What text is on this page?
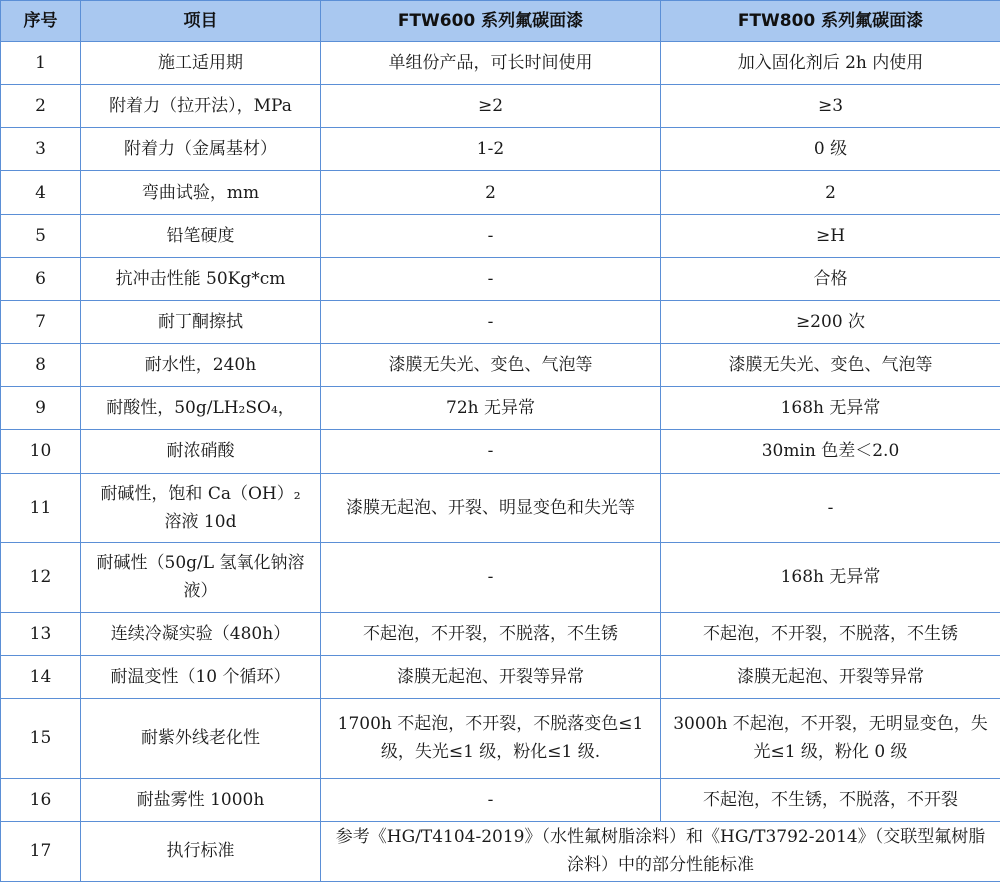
序号	项目	FTW600 系列氟碳面漆	FTW800 系列氟碳面漆
1	施工适用期	单组份产品，可长时间使用	加入固化剂后 2h 内使用
2	附着力（拉开法），MPa	≥2	≥3
3	附着力（金属基材）	1-2	0 级
4	弯曲试验，mm	2	2
5	铅笔硬度	-	≥H
6	抗冲击性能 50Kg*cm	-	合格
7	耐丁酮擦拭	-	≥200 次
8	耐水性，240h	漆膜无失光、变色、气泡等	漆膜无失光、变色、气泡等
9	耐酸性，50g/LH₂SO₄，	72h 无异常	168h 无异常
10	耐浓硝酸	-	30min 色差＜2.0
11	耐碱性，饱和 Ca（OH）₂溶液 10d	漆膜无起泡、开裂、明显变色和失光等	-
12	耐碱性（50g/L 氢氧化钠溶液）	-	168h 无异常
13	连续冷凝实验（480h）	不起泡，不开裂，不脱落，不生锈	不起泡，不开裂，不脱落，不生锈
14	耐温变性（10 个循环）	漆膜无起泡、开裂等异常	漆膜无起泡、开裂等异常
15	耐紫外线老化性	1700h 不起泡，不开裂，不脱落变色≤1 级，失光≤1 级，粉化≤1 级.	3000h 不起泡，不开裂，无明显变色，失光≤1 级，粉化 0 级
16	耐盐雾性 1000h	-	不起泡，不生锈，不脱落，不开裂
17	执行标准	参考《HG/T4104-2019》（水性氟树脂涂料）和《HG/T3792-2014》（交联型氟树脂涂料）中的部分性能标准	
